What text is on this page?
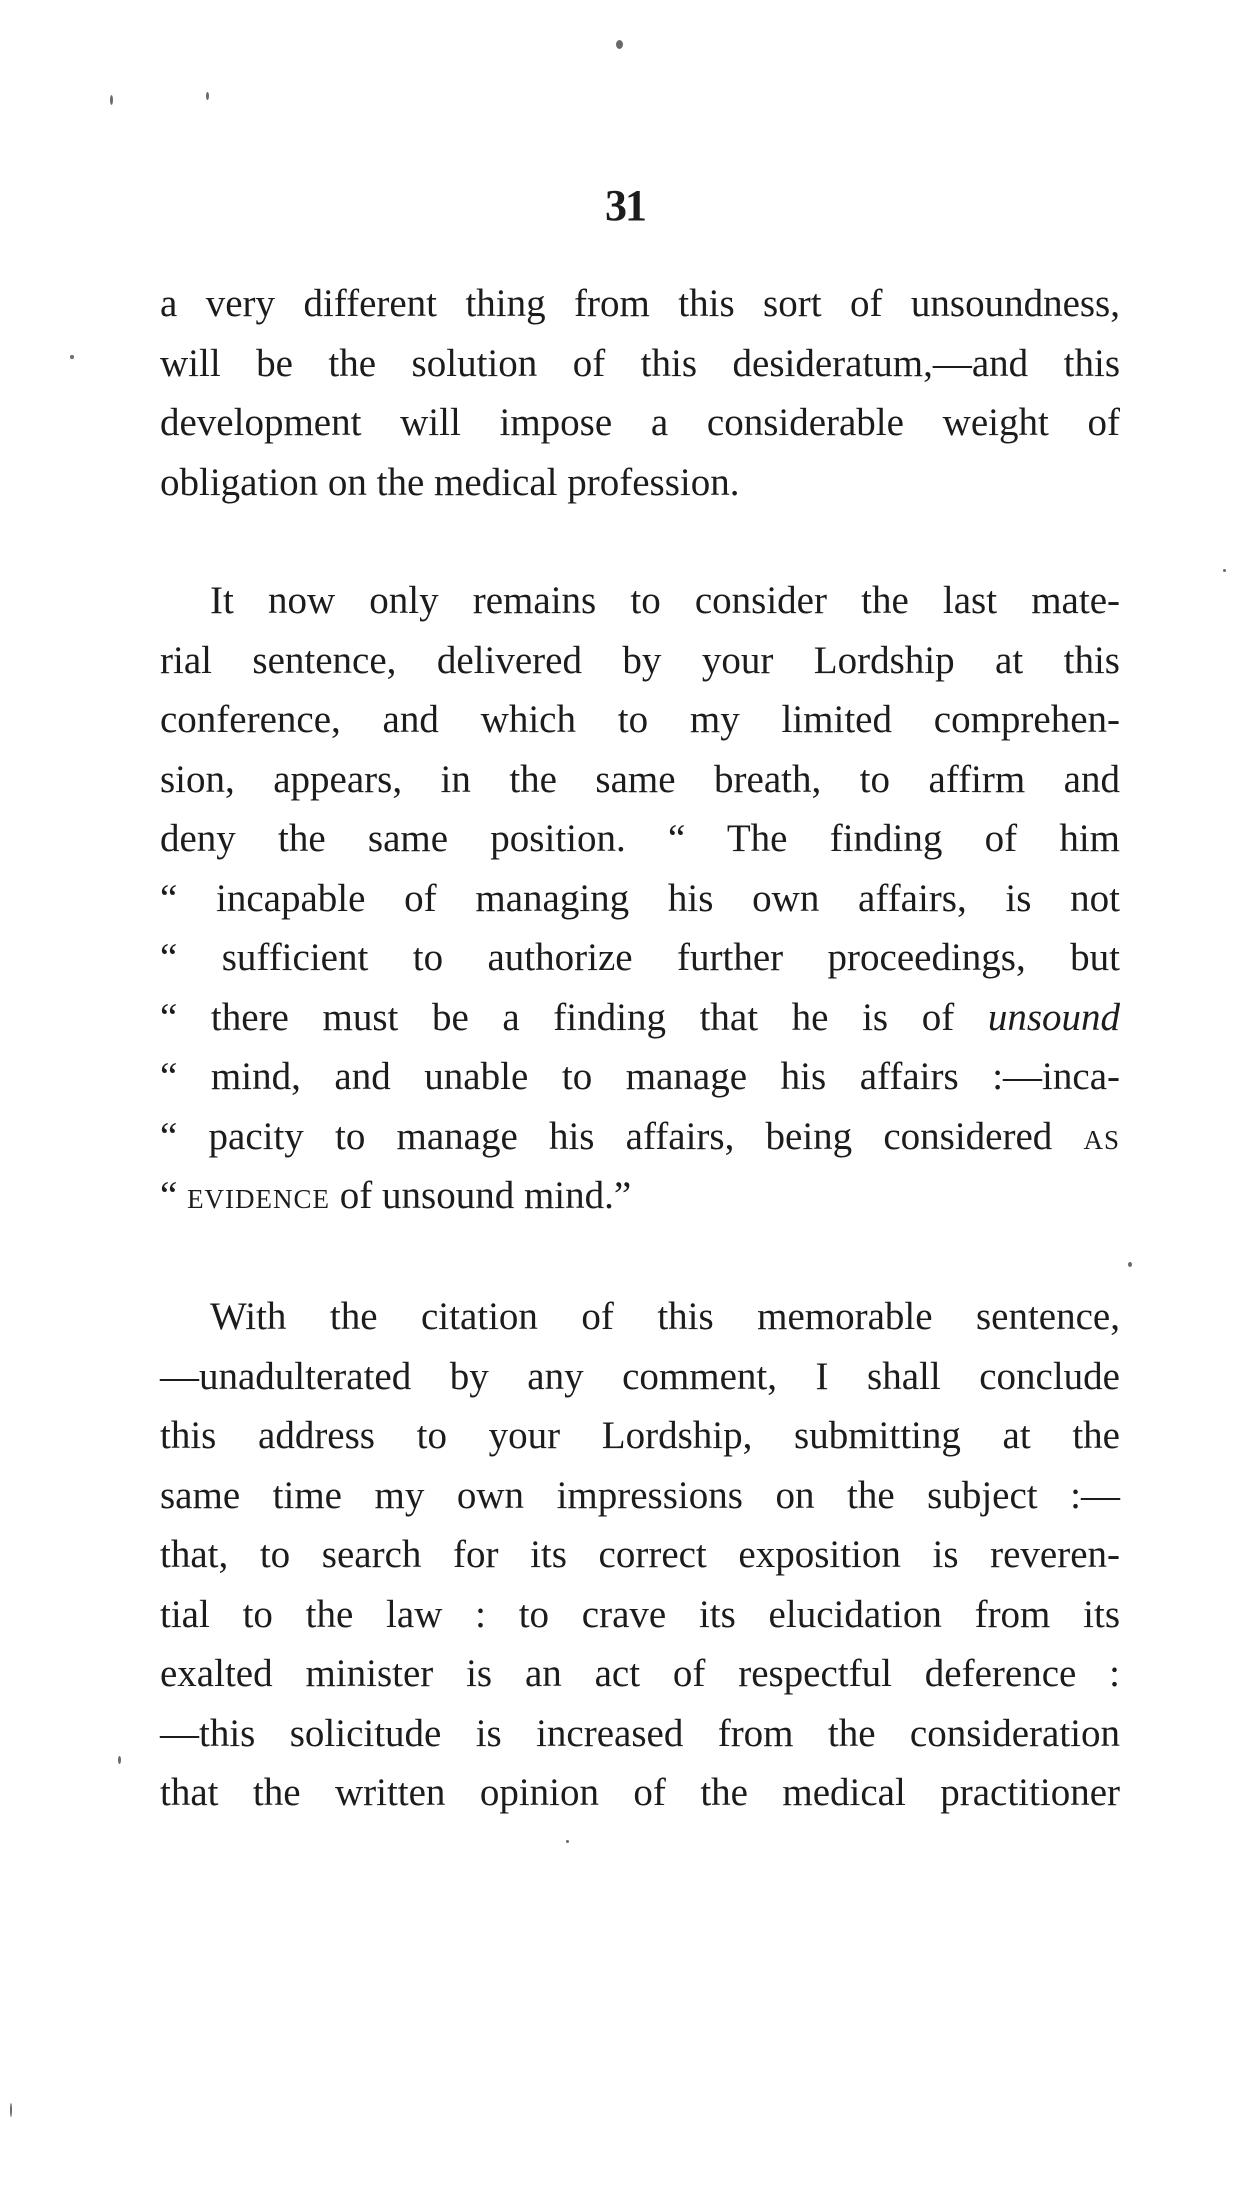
31
a very different thing from this sort of unsoundness,
will be the solution of this desideratum,—and this
development will impose a considerable weight of
obligation on the medical profession.
It now only remains to consider the last mate-
rial sentence, delivered by your Lordship at this
conference, and which to my limited comprehen-
sion, appears, in the same breath, to affirm and
deny the same position. “ The finding of him
“ incapable of managing his own affairs, is not
“ sufficient to authorize further proceedings, but
“ there must be a finding that he is of unsound
“ mind, and unable to manage his affairs :—inca-
“ pacity to manage his affairs, being considered as
“ evidence of unsound mind.”
With the citation of this memorable sentence,
—unadulterated by any comment, I shall conclude
this address to your Lordship, submitting at the
same time my own impressions on the subject :—
that, to search for its correct exposition is reveren-
tial to the law : to crave its elucidation from its
exalted minister is an act of respectful deference :
—this solicitude is increased from the consideration
that the written opinion of the medical practitioner
